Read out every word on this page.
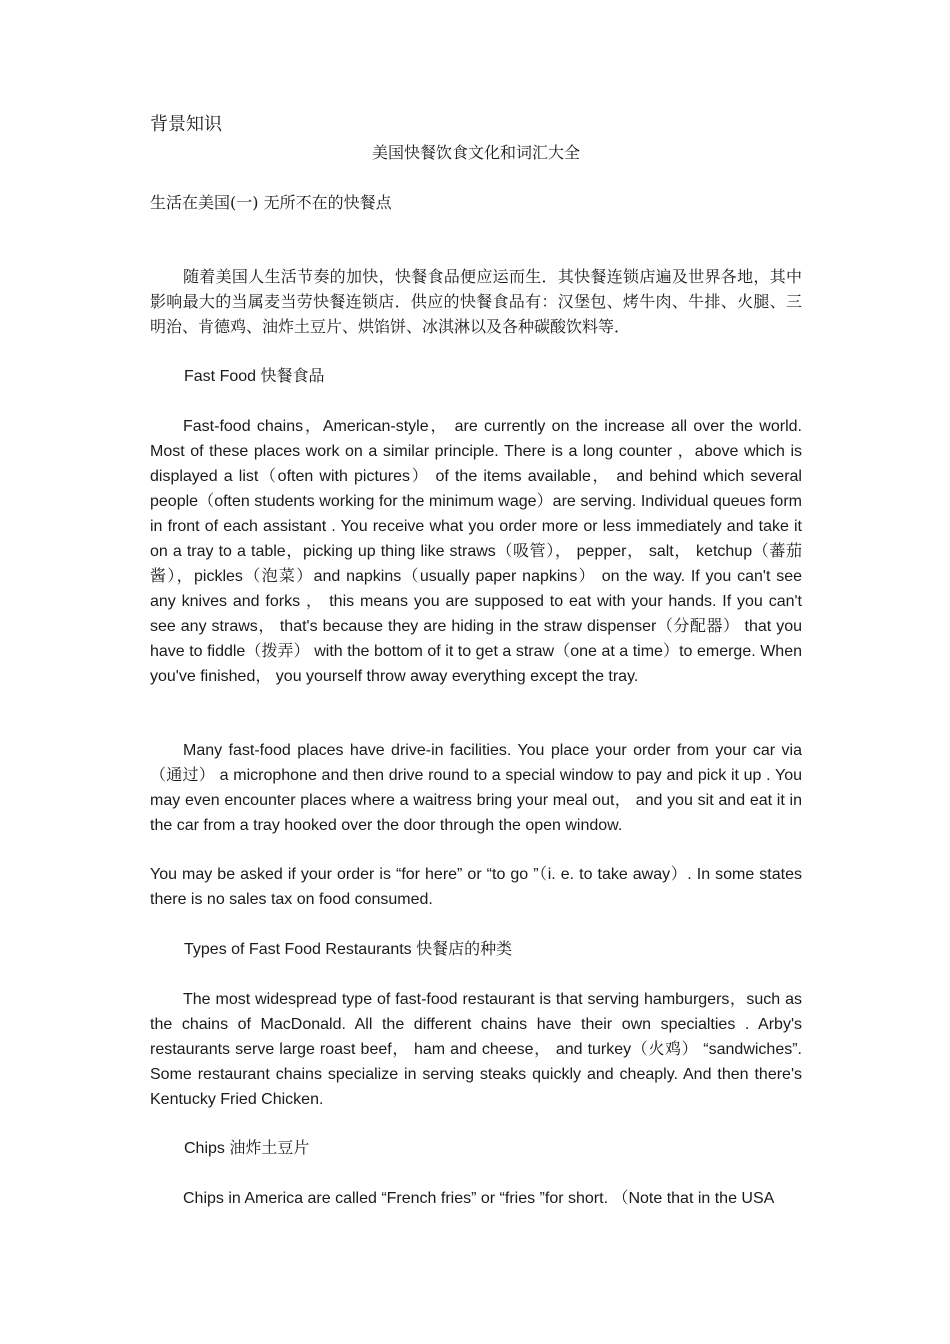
背景知识

美国快餐饮食文化和词汇大全

生活在美国(一) 无所不在的快餐点

随着美国人生活节奏的加快，快餐食品便应运而生．其快餐连锁店遍及世界各地，其中影响最大的当属麦当劳快餐连锁店．供应的快餐食品有：汉堡包、烤牛肉、牛排、火腿、三明治、肯德鸡、油炸土豆片、烘馅饼、冰淇淋以及各种碳酸饮料等．

Fast Food 快餐食品

Fast-food chains，American-style， are currently on the increase all over the world. Most of these places work on a similar principle. There is a long counter ，above which is displayed a list（often with pictures） of the items available， and behind which several people（often students working for the minimum wage）are serving. Individual queues form in front of each assistant . You receive what you order more or less immediately and take it on a tray to a table，picking up thing like straws（吸管）， pepper， salt， ketchup（蕃茄酱），pickles（泡菜）and napkins（usually paper napkins） on the way. If you can't see any knives and forks ， this means you are supposed to eat with your hands. If you can't see any straws， that's because they are hiding in the straw dispenser（分配器） that you have to fiddle（拨弄） with the bottom of it to get a straw（one at a time）to emerge. When you've finished， you yourself throw away everything except the tray.

Many fast-food places have drive-in facilities. You place your order from your car via （通过） a microphone and then drive round to a special window to pay and pick it up . You may even encounter places where a waitress bring your meal out， and you sit and eat it in the car from a tray hooked over the door through the open window.

You may be asked if your order is “for here” or “to go ”（i. e. to take away）. In some states there is no sales tax on food consumed.

Types of Fast Food Restaurants 快餐店的种类

The most widespread type of fast-food restaurant is that serving hamburgers，such as the chains of MacDonald. All the different chains have their own specialties . Arby's restaurants serve large roast beef， ham and cheese， and turkey（火鸡） “sandwiches”. Some restaurant chains specialize in serving steaks quickly and cheaply. And then there's Kentucky Fried Chicken.

Chips 油炸土豆片

Chips in America are called “French fries” or “fries ”for short. （Note that in the USA
